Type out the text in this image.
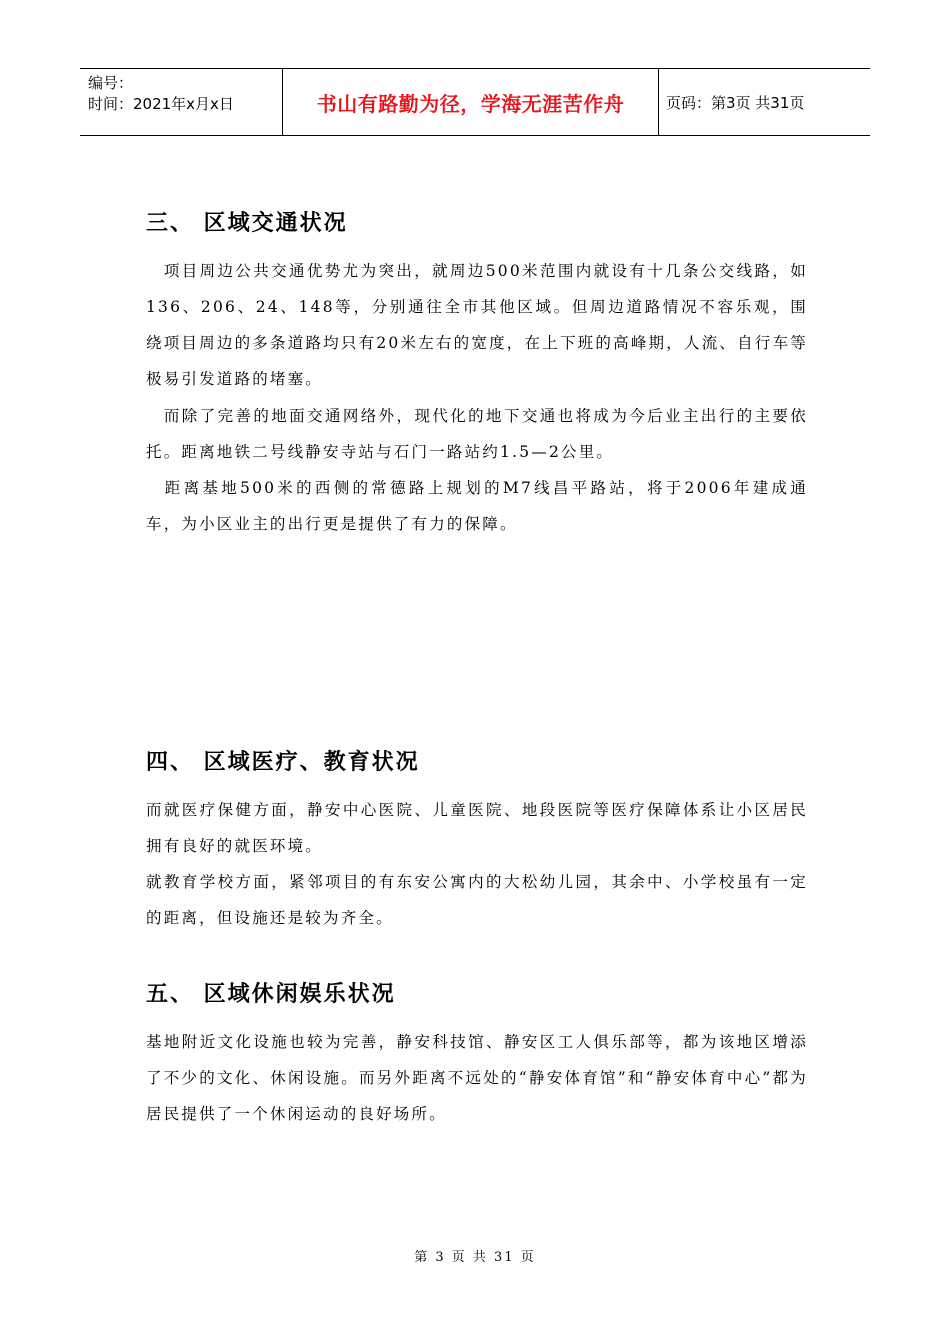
编号：
时间：2021年x月x日	书山有路勤为径，学海无涯苦作舟	页码：第3页 共31页
三、 区域交通状况

　项目周边公共交通优势尤为突出，就周边500米范围内就设有十几条公交线路，如136、206、24、148等，分别通往全市其他区域。但周边道路情况不容乐观，围绕项目周边的多条道路均只有20米左右的宽度，在上下班的高峰期，人流、自行车等极易引发道路的堵塞。

　而除了完善的地面交通网络外，现代化的地下交通也将成为今后业主出行的主要依托。距离地铁二号线静安寺站与石门一路站约1.5—2公里。

　距离基地500米的西侧的常德路上规划的M7线昌平路站，将于2006年建成通车，为小区业主的出行更是提供了有力的保障。

四、 区域医疗、教育状况

而就医疗保健方面，静安中心医院、儿童医院、地段医院等医疗保障体系让小区居民拥有良好的就医环境。

就教育学校方面，紧邻项目的有东安公寓内的大松幼儿园，其余中、小学校虽有一定的距离，但设施还是较为齐全。

五、 区域休闲娱乐状况

基地附近文化设施也较为完善，静安科技馆、静安区工人俱乐部等，都为该地区增添了不少的文化、休闲设施。而另外距离不远处的“静安体育馆”和“静安体育中心”都为居民提供了一个休闲运动的良好场所。

第 3 页 共 31 页
